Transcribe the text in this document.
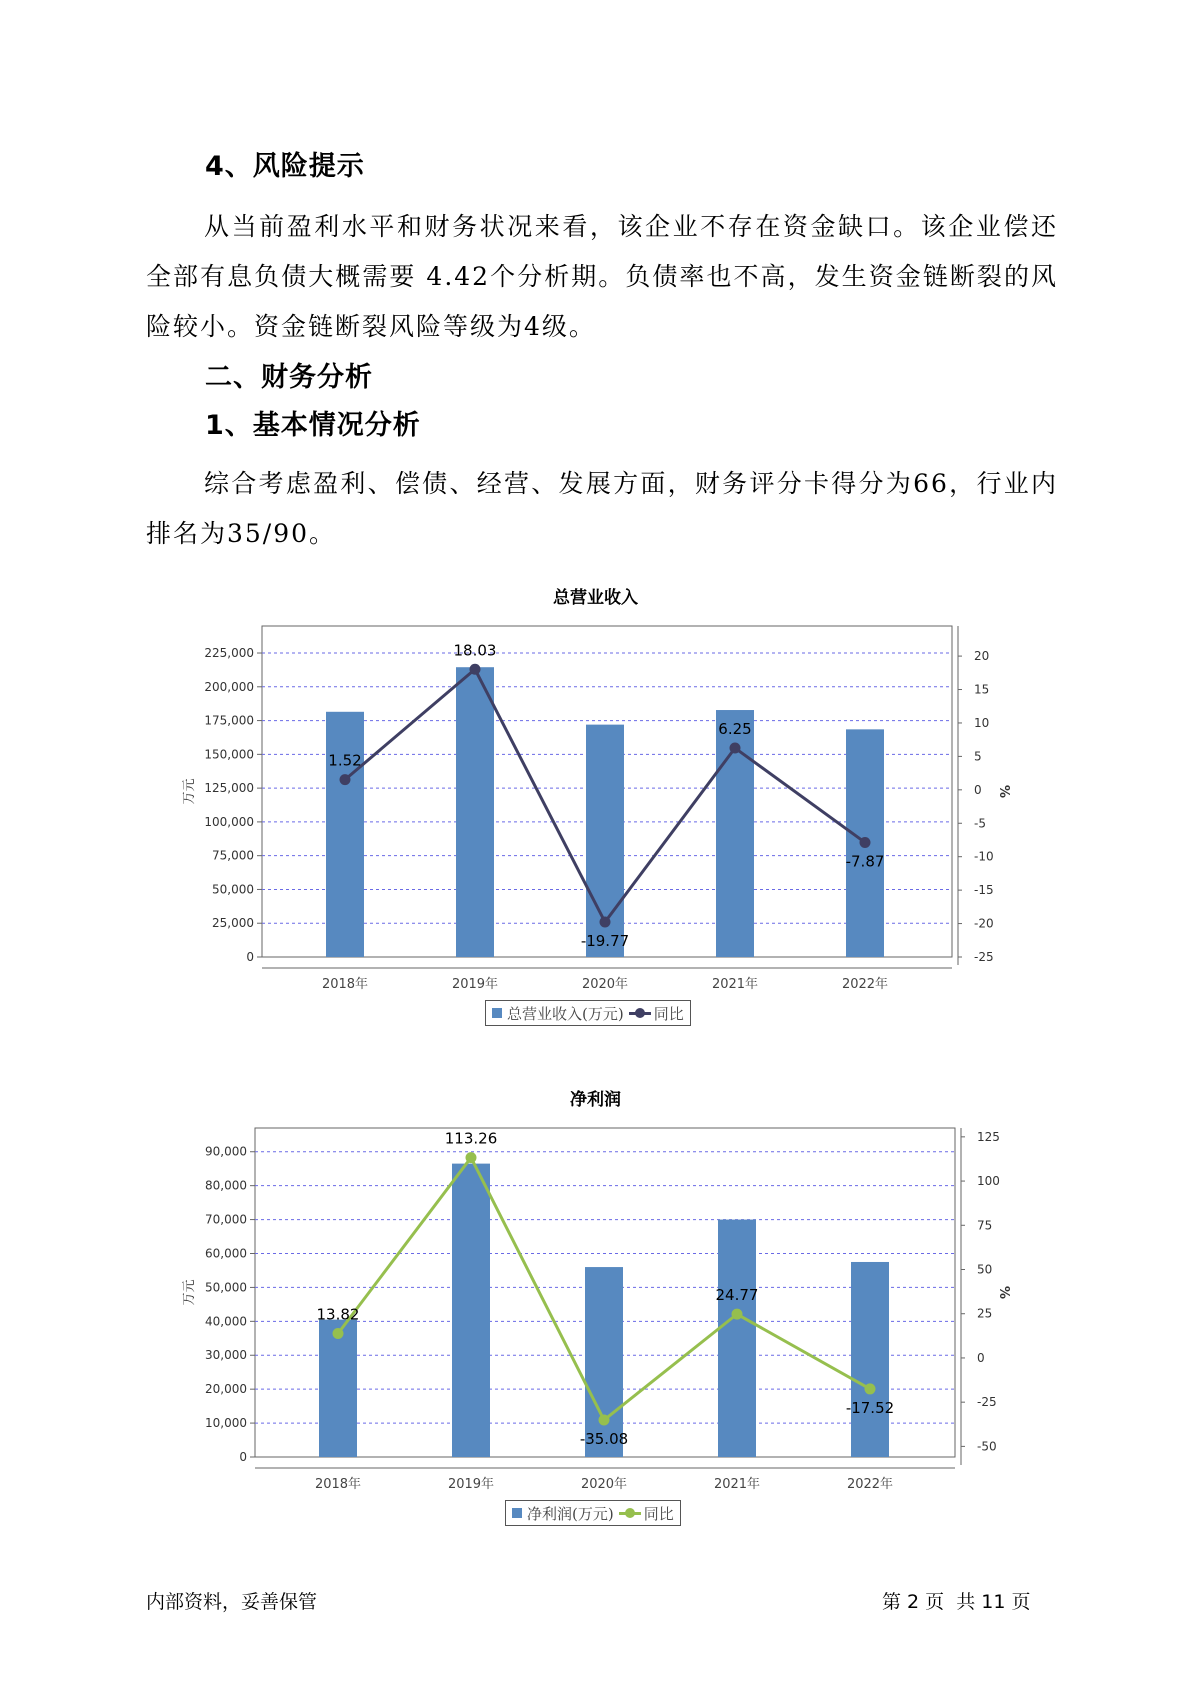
4、风险提示

从当前盈利水平和财务状况来看，该企业不存在资金缺口。该企业偿还全部有息负债大概需要 4.42个分析期。负债率也不高，发生资金链断裂的风险较小。资金链断裂风险等级为4级。

二、财务分析
1、基本情况分析

综合考虑盈利、偿债、经营、发展方面，财务评分卡得分为66，行业内排名为35/90。

总营业收入
0
25,000
50,000
75,000
100,000
125,000
150,000
175,000
200,000
225,000
-25
-20
-15
-10
-5
0
5
10
15
20
万元	%
2018年	2019年	2020年	2021年	2022年
1.52
18.03
-19.77
6.25
-7.87
总营业收入(万元) 同比
净利润
0
10,000
20,000
30,000
40,000
50,000
60,000
70,000
80,000
90,000
-50
-25
0
25
50
75
100
125
万元	%
2018年	2019年	2020年	2021年	2022年
13.82
113.26
-35.08
24.77
-17.52
净利润(万元) 同比
内部资料，妥善保管	第 2 页  共 11 页
